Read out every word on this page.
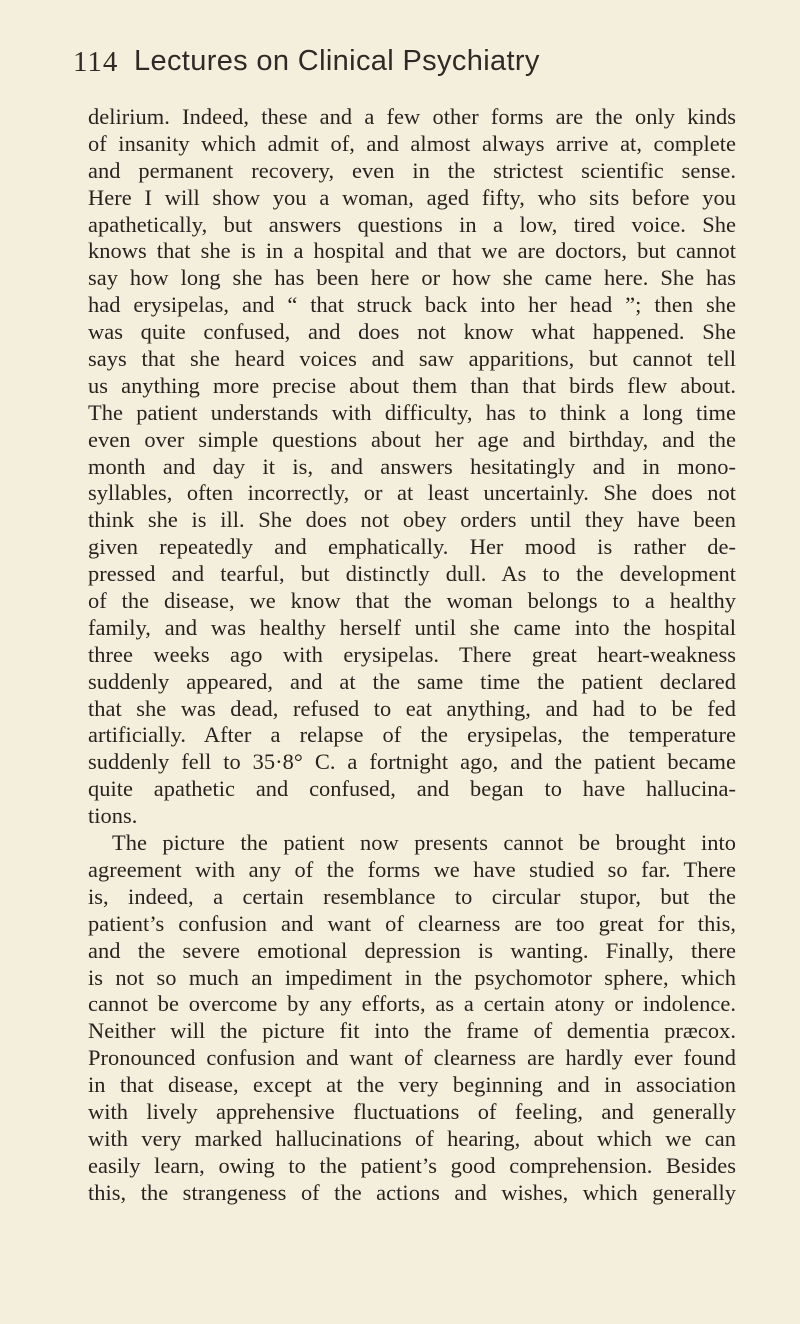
114 Lectures on Clinical Psychiatry
delirium. Indeed, these and a few other forms are the only kinds
of insanity which admit of, and almost always arrive at, complete
and permanent recovery, even in the strictest scientific sense.
Here I will show you a woman, aged fifty, who sits before you
apathetically, but answers questions in a low, tired voice. She
knows that she is in a hospital and that we are doctors, but cannot
say how long she has been here or how she came here. She has
had erysipelas, and “ that struck back into her head ”; then she
was quite confused, and does not know what happened. She
says that she heard voices and saw apparitions, but cannot tell
us anything more precise about them than that birds flew about.
The patient understands with difficulty, has to think a long time
even over simple questions about her age and birthday, and the
month and day it is, and answers hesitatingly and in mono-
syllables, often incorrectly, or at least uncertainly. She does not
think she is ill. She does not obey orders until they have been
given repeatedly and emphatically. Her mood is rather de-
pressed and tearful, but distinctly dull. As to the development
of the disease, we know that the woman belongs to a healthy
family, and was healthy herself until she came into the hospital
three weeks ago with erysipelas. There great heart-weakness
suddenly appeared, and at the same time the patient declared
that she was dead, refused to eat anything, and had to be fed
artificially. After a relapse of the erysipelas, the temperature
suddenly fell to 35·8° C. a fortnight ago, and the patient became
quite apathetic and confused, and began to have hallucina-
tions.
The picture the patient now presents cannot be brought into
agreement with any of the forms we have studied so far. There
is, indeed, a certain resemblance to circular stupor, but the
patient’s confusion and want of clearness are too great for this,
and the severe emotional depression is wanting. Finally, there
is not so much an impediment in the psychomotor sphere, which
cannot be overcome by any efforts, as a certain atony or indolence.
Neither will the picture fit into the frame of dementia præcox.
Pronounced confusion and want of clearness are hardly ever found
in that disease, except at the very beginning and in association
with lively apprehensive fluctuations of feeling, and generally
with very marked hallucinations of hearing, about which we can
easily learn, owing to the patient’s good comprehension. Besides
this, the strangeness of the actions and wishes, which generally
